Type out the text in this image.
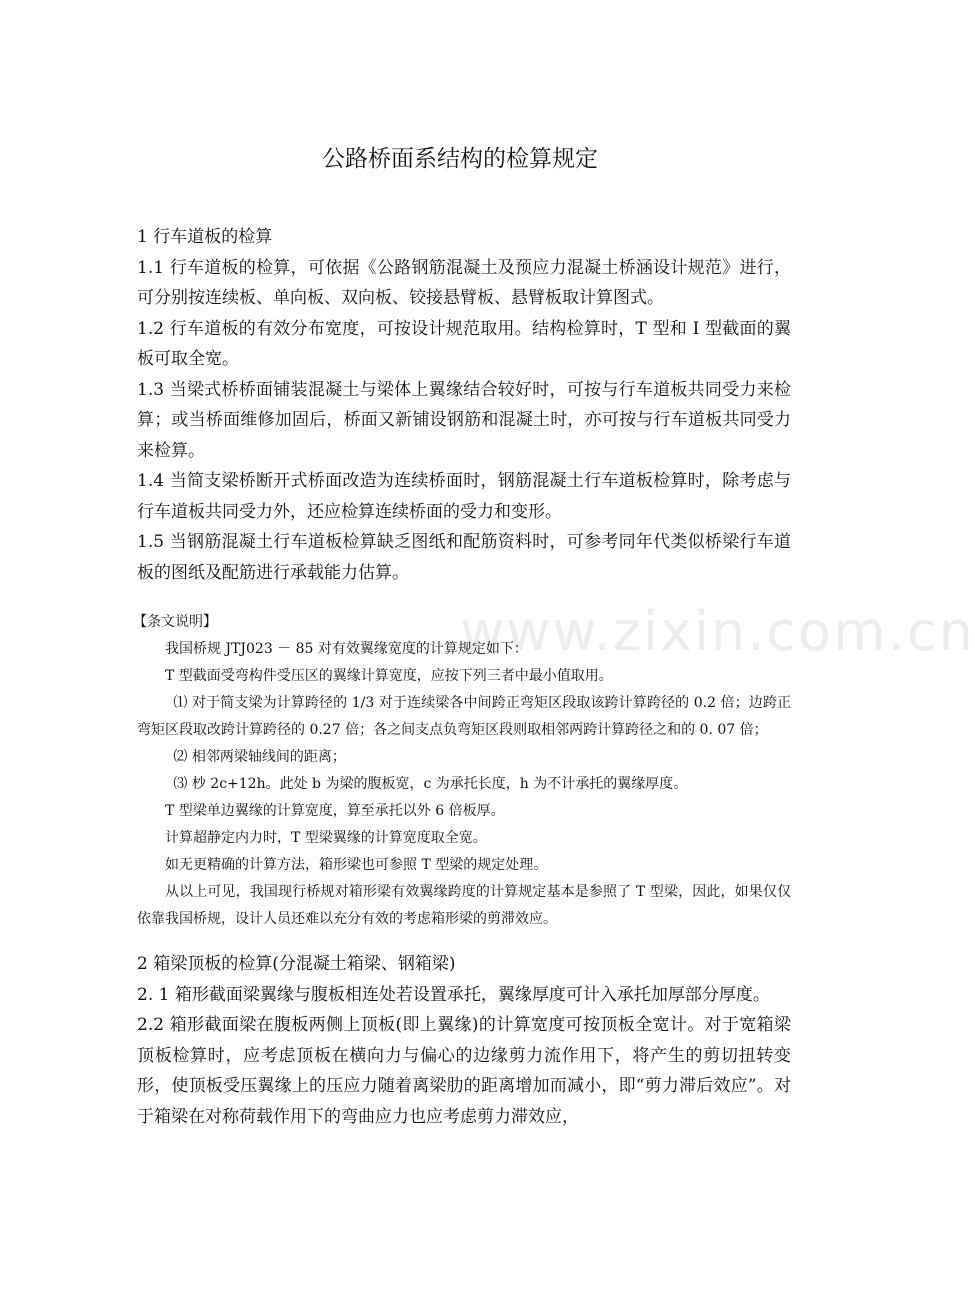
www.zixin.com.cn
公路桥面系结构的检算规定

1 行车道板的检算

1.1 行车道板的检算，可依据《公路钢筋混凝土及预应力混凝土桥涵设计规范》进行，可分别按连续板、单向板、双向板、铰接悬臂板、悬臂板取计算图式。

1.2 行车道板的有效分布宽度，可按设计规范取用。结构检算时，T 型和 I 型截面的翼板可取全宽。

1.3 当梁式桥桥面铺装混凝土与梁体上翼缘结合较好时，可按与行车道板共同受力来检算；或当桥面维修加固后，桥面又新铺设钢筋和混凝土时，亦可按与行车道板共同受力来检算。

1.4 当简支梁桥断开式桥面改造为连续桥面时，钢筋混凝土行车道板检算时，除考虑与行车道板共同受力外，还应检算连续桥面的受力和变形。

1.5 当钢筋混凝土行车道板检算缺乏图纸和配筋资料时，可参考同年代类似桥梁行车道板的图纸及配筋进行承载能力估算。

【条文说明】

我国桥规 JTJ023 － 85 对有效翼缘宽度的计算规定如下：

T 型截面受弯构件受压区的翼缘计算宽度，应按下列三者中最小值取用。

⑴ 对于简支梁为计算跨径的 1/3 对于连续梁各中间跨正弯矩区段取该跨计算跨径的 0.2 倍；边跨正弯矩区段取改跨计算跨径的 0.27 倍；各之间支点负弯矩区段则取相邻两跨计算跨径之和的 0. 07 倍；

⑵ 相邻两梁轴线间的距离；

⑶ 杪 2c+12h。此处 b 为梁的腹板宽，c 为承托长度，h 为不计承托的翼缘厚度。

T 型梁单边翼缘的计算宽度，算至承托以外 6 倍板厚。

计算超静定内力时，T 型梁翼缘的计算宽度取全宽。

如无更精确的计算方法，箱形梁也可参照 T 型梁的规定处理。

从以上可见，我国现行桥规对箱形梁有效翼缘跨度的计算规定基本是参照了 T 型梁，因此，如果仅仅依靠我国桥规，设计人员还难以充分有效的考虑箱形梁的剪滞效应。

2 箱梁顶板的检算(分混凝土箱梁、钢箱梁)

2. 1 箱形截面梁翼缘与腹板相连处若设置承托，翼缘厚度可计入承托加厚部分厚度。

2.2 箱形截面梁在腹板两侧上顶板(即上翼缘)的计算宽度可按顶板全宽计。对于宽箱梁顶板检算时，应考虑顶板在横向力与偏心的边缘剪力流作用下，将产生的剪切扭转变形，使顶板受压翼缘上的压应力随着离梁肋的距离增加而减小，即“剪力滞后效应”。对于箱梁在对称荷载作用下的弯曲应力也应考虑剪力滞效应，
